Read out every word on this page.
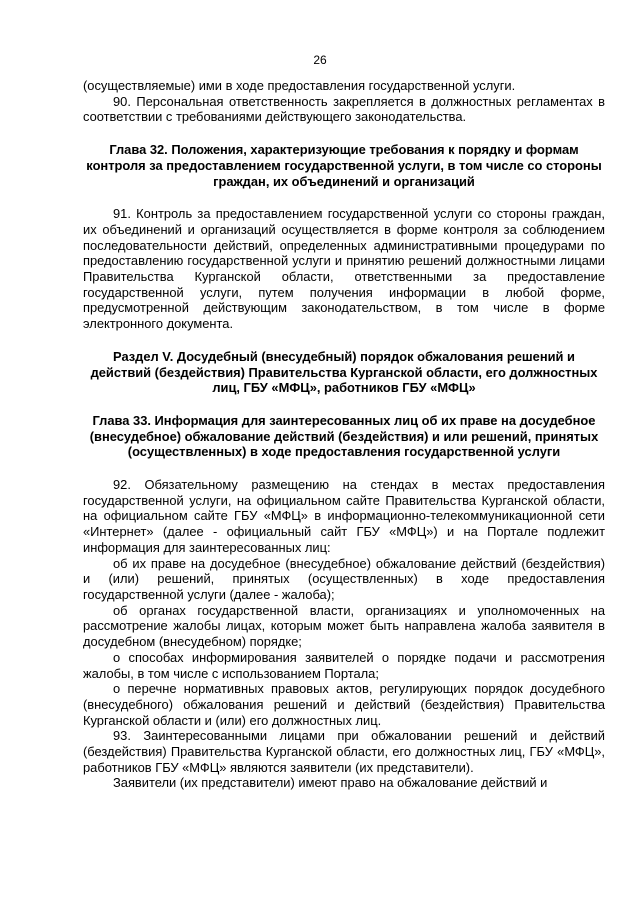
26

(осуществляемые) ими в ходе предоставления государственной услуги.

90. Персональная ответственность закрепляется в должностных регламентах в соответствии с требованиями действующего законодательства.

Глава 32. Положения, характеризующие требования к порядку и формам контроля за предоставлением государственной услуги, в том числе со стороны граждан, их объединений и организаций

91. Контроль за предоставлением государственной услуги со стороны граждан, их объединений и организаций осуществляется в форме контроля за соблюдением последовательности действий, определенных административными процедурами по предоставлению государственной услуги и принятию решений должностными лицами Правительства Курганской области, ответственными за предоставление государственной услуги, путем получения информации в любой форме, предусмотренной действующим законодательством, в том числе в форме электронного документа.

Раздел V. Досудебный (внесудебный) порядок обжалования решений и действий (бездействия) Правительства Курганской области, его должностных лиц, ГБУ «МФЦ», работников ГБУ «МФЦ»
Глава 33. Информация для заинтересованных лиц об их праве на досудебное (внесудебное) обжалование действий (бездействия) и или решений, принятых (осуществленных) в ходе предоставления государственной услуги

92. Обязательному размещению на стендах в местах предоставления государственной услуги, на официальном сайте Правительства Курганской области, на официальном сайте ГБУ «МФЦ» в информационно-телекоммуникационной сети «Интернет» (далее - официальный сайт ГБУ «МФЦ») и на Портале подлежит информация для заинтересованных лиц:

об их праве на досудебное (внесудебное) обжалование действий (бездействия) и (или) решений, принятых (осуществленных) в ходе предоставления государственной услуги (далее - жалоба);

об органах государственной власти, организациях и уполномоченных на рассмотрение жалобы лицах, которым может быть направлена жалоба заявителя в досудебном (внесудебном) порядке;

о способах информирования заявителей о порядке подачи и рассмотрения жалобы, в том числе с использованием Портала;

о перечне нормативных правовых актов, регулирующих порядок досудебного (внесудебного) обжалования решений и действий (бездействия) Правительства Курганской области и (или) его должностных лиц.

93. Заинтересованными лицами при обжаловании решений и действий (бездействия) Правительства Курганской области, его должностных лиц, ГБУ «МФЦ», работников ГБУ «МФЦ» являются заявители (их представители).

Заявители (их представители) имеют право на обжалование действий и
